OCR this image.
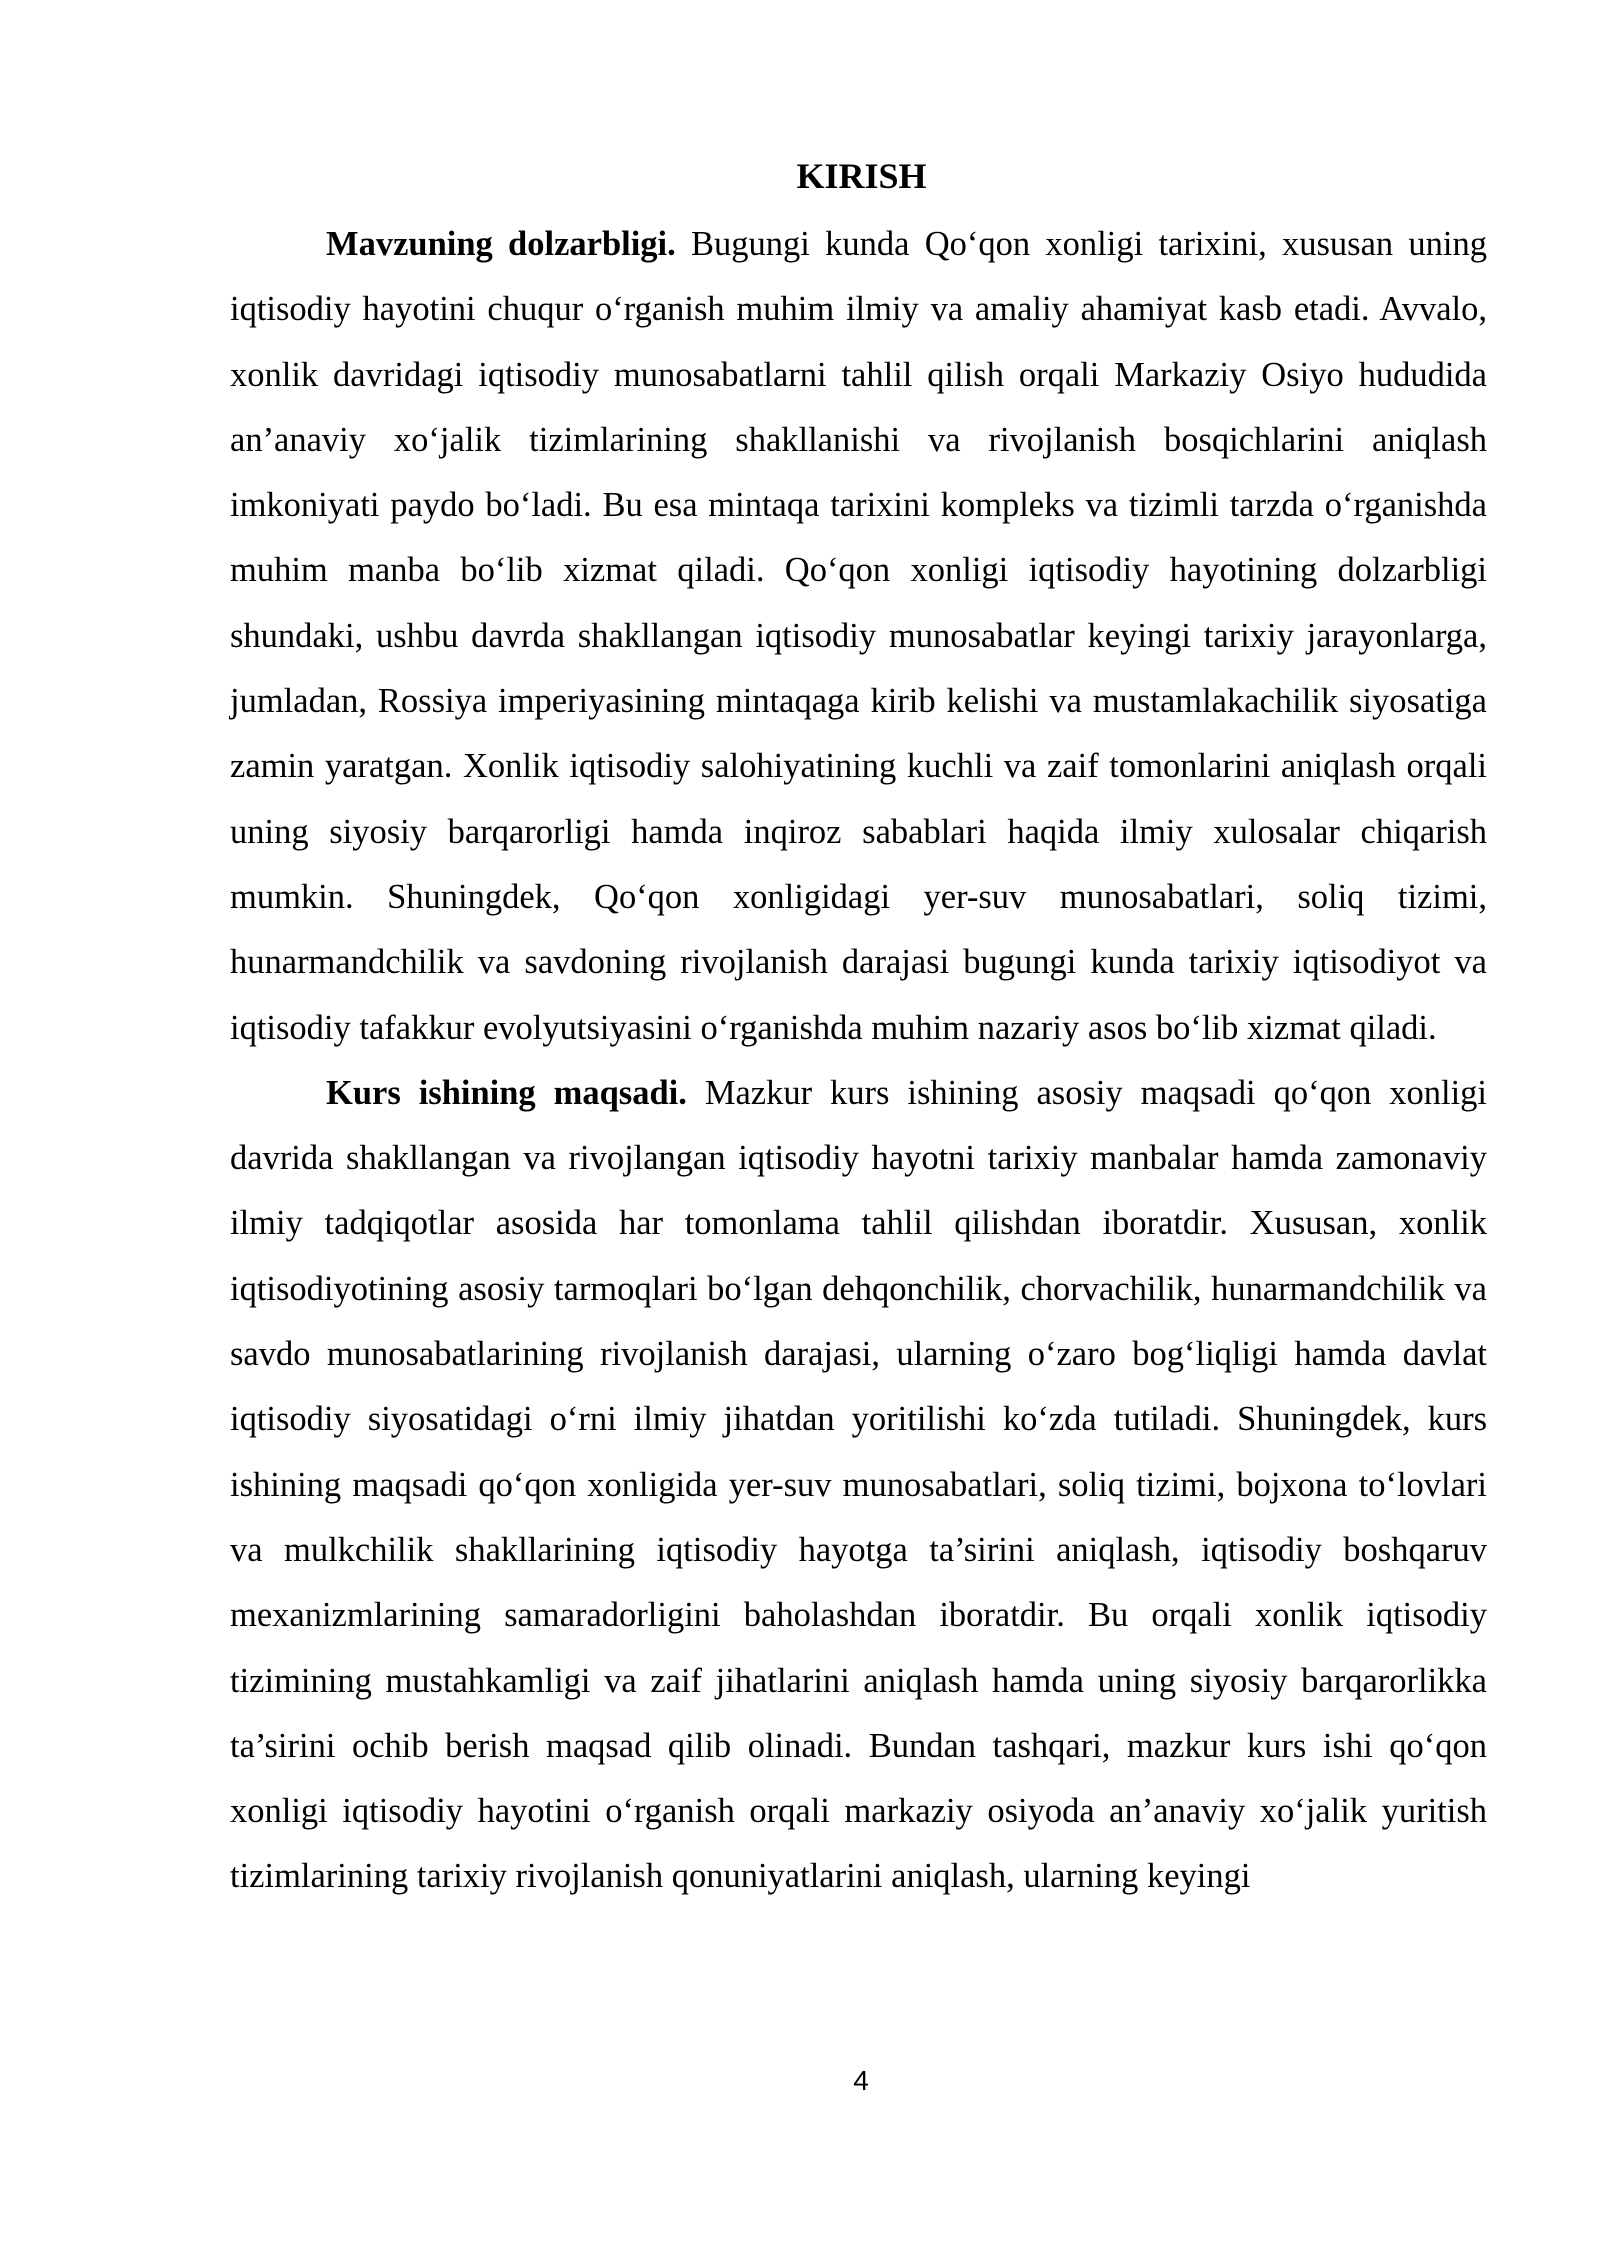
KIRISH

Mavzuning dolzarbligi. Bugungi kunda Qo‘qon xonligi tarixini, xususan uning iqtisodiy hayotini chuqur o‘rganish muhim ilmiy va amaliy ahamiyat kasb etadi. Avvalo, xonlik davridagi iqtisodiy munosabatlarni tahlil qilish orqali Markaziy Osiyo hududida an’anaviy xo‘jalik tizimlarining shakllanishi va rivojlanish bosqichlarini aniqlash imkoniyati paydo bo‘ladi. Bu esa mintaqa tarixini kompleks va tizimli tarzda o‘rganishda muhim manba bo‘lib xizmat qiladi. Qo‘qon xonligi iqtisodiy hayotining dolzarbligi shundaki, ushbu davrda shakllangan iqtisodiy munosabatlar keyingi tarixiy jarayonlarga, jumladan, Rossiya imperiyasining mintaqaga kirib kelishi va mustamlakachilik siyosatiga zamin yaratgan. Xonlik iqtisodiy salohiyatining kuchli va zaif tomonlarini aniqlash orqali uning siyosiy barqarorligi hamda inqiroz sabablari haqida ilmiy xulosalar chiqarish mumkin. Shuningdek, Qo‘qon xonligidagi yer-suv munosabatlari, soliq tizimi, hunarmandchilik va savdoning rivojlanish darajasi bugungi kunda tarixiy iqtisodiyot va iqtisodiy tafakkur evolyutsiyasini o‘rganishda muhim nazariy asos bo‘lib xizmat qiladi.

Kurs ishining maqsadi. Mazkur kurs ishining asosiy maqsadi qo‘qon xonligi davrida shakllangan va rivojlangan iqtisodiy hayotni tarixiy manbalar hamda zamonaviy ilmiy tadqiqotlar asosida har tomonlama tahlil qilishdan iboratdir. Xususan, xonlik iqtisodiyotining asosiy tarmoqlari bo‘lgan dehqonchilik, chorvachilik, hunarmandchilik va savdo munosabatlarining rivojlanish darajasi, ularning o‘zaro bog‘liqligi hamda davlat iqtisodiy siyosatidagi o‘rni ilmiy jihatdan yoritilishi ko‘zda tutiladi. Shuningdek, kurs ishining maqsadi qo‘qon xonligida yer-suv munosabatlari, soliq tizimi, bojxona to‘lovlari va mulkchilik shakllarining iqtisodiy hayotga ta’sirini aniqlash, iqtisodiy boshqaruv mexanizmlarining samaradorligini baholashdan iboratdir. Bu orqali xonlik iqtisodiy tizimining mustahkamligi va zaif jihatlarini aniqlash hamda uning siyosiy barqarorlikka ta’sirini ochib berish maqsad qilib olinadi. Bundan tashqari, mazkur kurs ishi qo‘qon xonligi iqtisodiy hayotini o‘rganish orqali markaziy osiyoda an’anaviy xo‘jalik yuritish tizimlarining tarixiy rivojlanish qonuniyatlarini aniqlash, ularning keyingi

4
